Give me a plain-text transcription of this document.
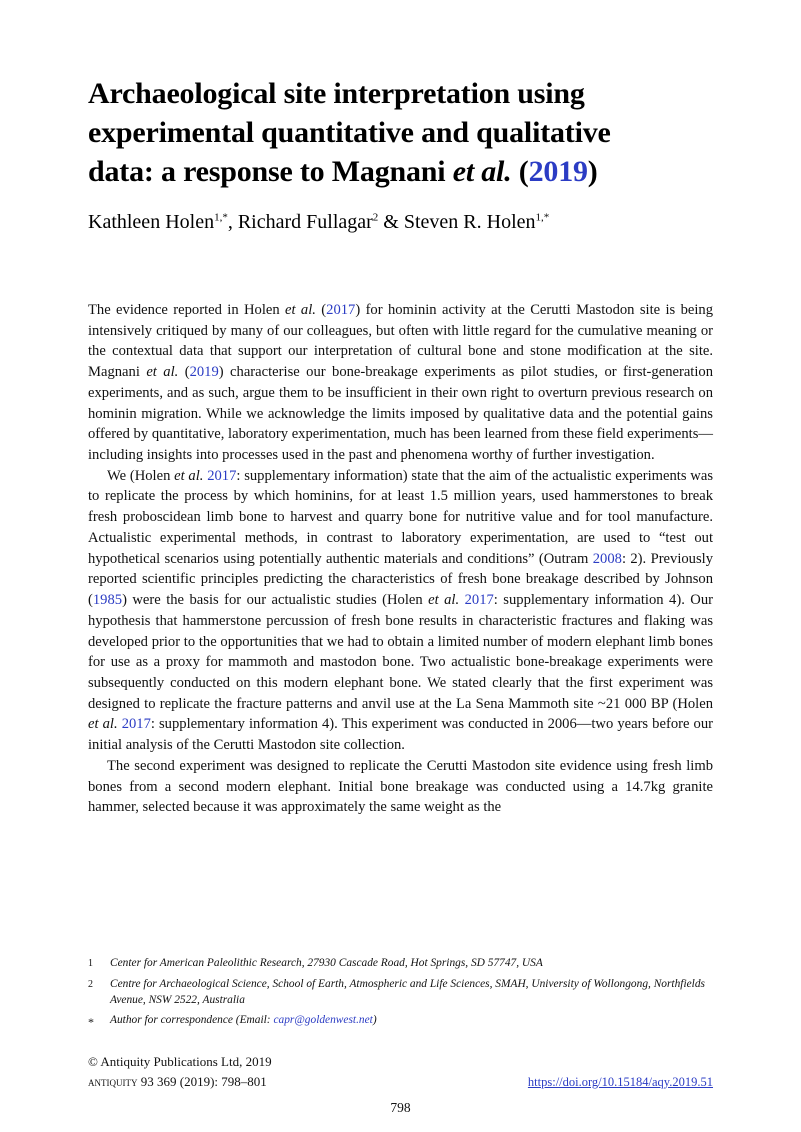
Archaeological site interpretation using
experimental quantitative and qualitative
data: a response to Magnani et al. (2019)
Kathleen Holen$^{1,*}$, Richard Fullagar$^2$ & Steven R. Holen$^{1,*}$

The evidence reported in Holen et al. (2017) for hominin activity at the Cerutti Mastodon site is being intensively critiqued by many of our colleagues, but often with little regard for the cumulative meaning or the contextual data that support our interpretation of cultural bone and stone modification at the site. Magnani et al. (2019) characterise our bone-breakage experiments as pilot studies, or first-generation experiments, and as such, argue them to be insufficient in their own right to overturn previous research on hominin migration. While we acknowledge the limits imposed by qualitative data and the potential gains offered by quantitative, laboratory experimentation, much has been learned from these field experiments—including insights into processes used in the past and phenomena worthy of further investigation.

We (Holen et al. 2017: supplementary information) state that the aim of the actualistic experiments was to replicate the process by which hominins, for at least 1.5 million years, used hammerstones to break fresh proboscidean limb bone to harvest and quarry bone for nutritive value and for tool manufacture. Actualistic experimental methods, in contrast to laboratory experimentation, are used to “test out hypothetical scenarios using potentially authentic materials and conditions” (Outram 2008: 2). Previously reported scientific principles predicting the characteristics of fresh bone breakage described by Johnson (1985) were the basis for our actualistic studies (Holen et al. 2017: supplementary information 4). Our hypothesis that hammerstone percussion of fresh bone results in characteristic fractures and flaking was developed prior to the opportunities that we had to obtain a limited number of modern elephant limb bones for use as a proxy for mammoth and mastodon bone. Two actualistic bone-breakage experiments were subsequently conducted on this modern elephant bone. We stated clearly that the first experiment was designed to replicate the fracture patterns and anvil use at the La Sena Mammoth site ~21 000 BP (Holen et al. 2017: supplementary information 4). This experiment was conducted in 2006—two years before our initial analysis of the Cerutti Mastodon site collection.

The second experiment was designed to replicate the Cerutti Mastodon site evidence using fresh limb bones from a second modern elephant. Initial bone breakage was conducted using a 14.7kg granite hammer, selected because it was approximately the same weight as the

1	Center for American Paleolithic Research, 27930 Cascade Road, Hot Springs, SD 57747, USA
2	Centre for Archaeological Science, School of Earth, Atmospheric and Life Sciences, SMAH, University of Wollongong, Northfields Avenue, NSW 2522, Australia
*	Author for correspondence (Email: capr@goldenwest.net)
© Antiquity Publications Ltd, 2019
antiquity 93 369 (2019): 798–801	https://doi.org/10.15184/aqy.2019.51
798
